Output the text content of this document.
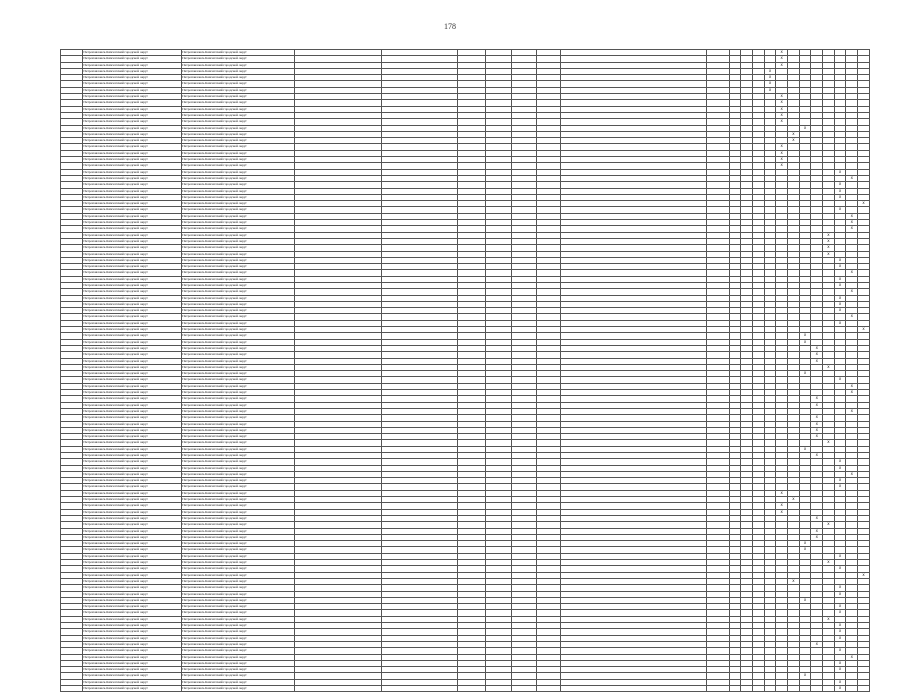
178
	Петропавловск-Камчатский городской округ	Петропавловск-Камчатский городской округ													X							
	Петропавловск-Камчатский городской округ	Петропавловск-Камчатский городской округ													X							
	Петропавловск-Камчатский городской округ	Петропавловск-Камчатский городской округ													X							
	Петропавловск-Камчатский городской округ	Петропавловск-Камчатский городской округ												X								
	Петропавловск-Камчатский городской округ	Петропавловск-Камчатский городской округ												X								
	Петропавловск-Камчатский городской округ	Петропавловск-Камчатский городской округ												X								
	Петропавловск-Камчатский городской округ	Петропавловск-Камчатский городской округ												X								
	Петропавловск-Камчатский городской округ	Петропавловск-Камчатский городской округ													X							
	Петропавловск-Камчатский городской округ	Петропавловск-Камчатский городской округ													X							
	Петропавловск-Камчатский городской округ	Петропавловск-Камчатский городской округ													X							
	Петропавловск-Камчатский городской округ	Петропавловск-Камчатский городской округ													X							
	Петропавловск-Камчатский городской округ	Петропавловск-Камчатский городской округ													X							
	Петропавловск-Камчатский городской округ	Петропавловск-Камчатский городской округ															X					
	Петропавловск-Камчатский городской округ	Петропавловск-Камчатский городской округ														X						
	Петропавловск-Камчатский городской округ	Петропавловск-Камчатский городской округ														X						
	Петропавловск-Камчатский городской округ	Петропавловск-Камчатский городской округ													X							
	Петропавловск-Камчатский городской округ	Петропавловск-Камчатский городской округ													X							
	Петропавловск-Камчатский городской округ	Петропавловск-Камчатский городской округ													X							
	Петропавловск-Камчатский городской округ	Петропавловск-Камчатский городской округ													X							
	Петропавловск-Камчатский городской округ	Петропавловск-Камчатский городской округ																		X		
	Петропавловск-Камчатский городской округ	Петропавловск-Камчатский городской округ																			X	
	Петропавловск-Камчатский городской округ	Петропавловск-Камчатский городской округ																		X		
	Петропавловск-Камчатский городской округ	Петропавловск-Камчатский городской округ																		X		
	Петропавловск-Камчатский городской округ	Петропавловск-Камчатский городской округ																		X		
	Петропавловск-Камчатский городской округ	Петропавловск-Камчатский городской округ																				X
	Петропавловск-Камчатский городской округ	Петропавловск-Камчатский городской округ																		X		
	Петропавловск-Камчатский городской округ	Петропавловск-Камчатский городской округ																			X	
	Петропавловск-Камчатский городской округ	Петропавловск-Камчатский городской округ																			X	
	Петропавловск-Камчатский городской округ	Петропавловск-Камчатский городской округ																			X	
	Петропавловск-Камчатский городской округ	Петропавловск-Камчатский городской округ																	X			
	Петропавловск-Камчатский городской округ	Петропавловск-Камчатский городской округ																	X			
	Петропавловск-Камчатский городской округ	Петропавловск-Камчатский городской округ																	X			
	Петропавловск-Камчатский городской округ	Петропавловск-Камчатский городской округ																	X			
	Петропавловск-Камчатский городской округ	Петропавловск-Камчатский городской округ																		X		
	Петропавловск-Камчатский городской округ	Петропавловск-Камчатский городской округ																		X		
	Петропавловск-Камчатский городской округ	Петропавловск-Камчатский городской округ																			X	
	Петропавловск-Камчатский городской округ	Петропавловск-Камчатский городской округ																		X		
	Петропавловск-Камчатский городской округ	Петропавловск-Камчатский городской округ																		X		
	Петропавловск-Камчатский городской округ	Петропавловск-Камчатский городской округ																			X	
	Петропавловск-Камчатский городской округ	Петропавловск-Камчатский городской округ																		X		
	Петропавловск-Камчатский городской округ	Петропавловск-Камчатский городской округ																		X		
	Петропавловск-Камчатский городской округ	Петропавловск-Камчатский городской округ																		X		
	Петропавловск-Камчатский городской округ	Петропавловск-Камчатский городской округ																			X	
	Петропавловск-Камчатский городской округ	Петропавловск-Камчатский городской округ																		X		
	Петропавловск-Камчатский городской округ	Петропавловск-Камчатский городской округ																				X
	Петропавловск-Камчатский городской округ	Петропавловск-Камчатский городской округ															X					
	Петропавловск-Камчатский городской округ	Петропавловск-Камчатский городской округ															X					
	Петропавловск-Камчатский городской округ	Петропавловск-Камчатский городской округ																X				
	Петропавловск-Камчатский городской округ	Петропавловск-Камчатский городской округ																X				
	Петропавловск-Камчатский городской округ	Петропавловск-Камчатский городской округ																X				
	Петропавловск-Камчатский городской округ	Петропавловск-Камчатский городской округ																	X			
	Петропавловск-Камчатский городской округ	Петропавловск-Камчатский городской округ															X					
	Петропавловск-Камчатский городской округ	Петропавловск-Камчатский городской округ																		X		
	Петропавловск-Камчатский городской округ	Петропавловск-Камчатский городской округ																			X	
	Петропавловск-Камчатский городской округ	Петропавловск-Камчатский городской округ																			X	
	Петропавловск-Камчатский городской округ	Петропавловск-Камчатский городской округ																X				
	Петропавловск-Камчатский городской округ	Петропавловск-Камчатский городской округ																X				
	Петропавловск-Камчатский городской округ	Петропавловск-Камчатский городской округ																			X	
	Петропавловск-Камчатский городской округ	Петропавловск-Камчатский городской округ																X				
	Петропавловск-Камчатский городской округ	Петропавловск-Камчатский городской округ																X				
	Петропавловск-Камчатский городской округ	Петропавловск-Камчатский городской округ																X				
	Петропавловск-Камчатский городской округ	Петропавловск-Камчатский городской округ																X				
	Петропавловск-Камчатский городской округ	Петропавловск-Камчатский городской округ																	X			
	Петропавловск-Камчатский городской округ	Петропавловск-Камчатский городской округ															X					
	Петропавловск-Камчатский городской округ	Петропавловск-Камчатский городской округ																X				
	Петропавловск-Камчатский городской округ	Петропавловск-Камчатский городской округ																		X		
	Петропавловск-Камчатский городской округ	Петропавловск-Камчатский городской округ																		X		
	Петропавловск-Камчатский городской округ	Петропавловск-Камчатский городской округ																			X	
	Петропавловск-Камчатский городской округ	Петропавловск-Камчатский городской округ																		X		
	Петропавловск-Камчатский городской округ	Петропавловск-Камчатский городской округ																		X		
	Петропавловск-Камчатский городской округ	Петропавловск-Камчатский городской округ													X							
	Петропавловск-Камчатский городской округ	Петропавловск-Камчатский городской округ														X						
	Петропавловск-Камчатский городской округ	Петропавловск-Камчатский городской округ													X							
	Петропавловск-Камчатский городской округ	Петропавловск-Камчатский городской округ													X							
	Петропавловск-Камчатский городской округ	Петропавловск-Камчатский городской округ																X				
	Петропавловск-Камчатский городской округ	Петропавловск-Камчатский городской округ																	X			
	Петропавловск-Камчатский городской округ	Петропавловск-Камчатский городской округ																X				
	Петропавловск-Камчатский городской округ	Петропавловск-Камчатский городской округ																X				
	Петропавловск-Камчатский городской округ	Петропавловск-Камчатский городской округ															X					
	Петропавловск-Камчатский городской округ	Петропавловск-Камчатский городской округ															X					
	Петропавловск-Камчатский городской округ	Петропавловск-Камчатский городской округ																		X		
	Петропавловск-Камчатский городской округ	Петропавловск-Камчатский городской округ																	X			
	Петропавловск-Камчатский городской округ	Петропавловск-Камчатский городской округ																		X		
	Петропавловск-Камчатский городской округ	Петропавловск-Камчатский городской округ																				X
	Петропавловск-Камчатский городской округ	Петропавловск-Камчатский городской округ														X						
	Петропавловск-Камчатский городской округ	Петропавловск-Камчатский городской округ																		X		
	Петропавловск-Камчатский городской округ	Петропавловск-Камчатский городской округ																		X		
	Петропавловск-Камчатский городской округ	Петропавловск-Камчатский городской округ															X					
	Петропавловск-Камчатский городской округ	Петропавловск-Камчатский городской округ																		X		
	Петропавловск-Камчатский городской округ	Петропавловск-Камчатский городской округ																		X		
	Петропавловск-Камчатский городской округ	Петропавловск-Камчатский городской округ																	X			
	Петропавловск-Камчатский городской округ	Петропавловск-Камчатский городской округ																		X		
	Петропавловск-Камчатский городской округ	Петропавловск-Камчатский городской округ																		X		
	Петропавловск-Камчатский городской округ	Петропавловск-Камчатский городской округ																		X		
	Петропавловск-Камчатский городской округ	Петропавловск-Камчатский городской округ																X				
	Петропавловск-Камчатский городской округ	Петропавловск-Камчатский городской округ																		X		
	Петропавловск-Камчатский городской округ	Петропавловск-Камчатский городской округ																			X	
	Петропавловск-Камчатский городской округ	Петропавловск-Камчатский городской округ																		X		
	Петропавловск-Камчатский городской округ	Петропавловск-Камчатский городской округ																		X		
	Петропавловск-Камчатский городской округ	Петропавловск-Камчатский городской округ															X					
	Петропавловск-Камчатский городской округ	Петропавловск-Камчатский городской округ																		X		
	Петропавловск-Камчатский городской округ	Петропавловск-Камчатский городской округ																		X		
